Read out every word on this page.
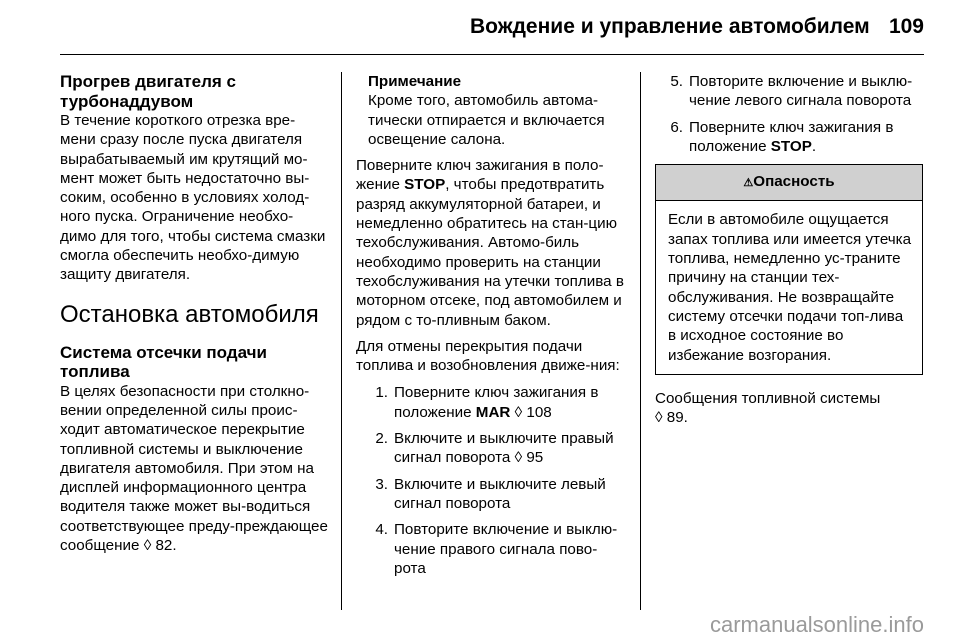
Вождение и управление автомобилем 109
Прогрев двигателя с турбонаддувом

В течение короткого отрезка вре-мени сразу после пуска двигателя вырабатываемый им крутящий мо-мент может быть недостаточно вы-соким, особенно в условиях холод-ного пуска. Ограничение необхо-димо для того, чтобы система смазки смогла обеспечить необхо-димую защиту двигателя.

Остановка автомобиля
Система отсечки подачи топлива

В целях безопасности при столкно-вении определенной силы проис-ходит автоматическое перекрытие топливной системы и выключение двигателя автомобиля. При этом на дисплей информационного центра водителя также может вы-водиться соответствующее преду-преждающее сообщение ◊ 82.

Примечание
Кроме того, автомобиль автома-тически отпирается и включается освещение салона.

Поверните ключ зажигания в поло-жение STOP, чтобы предотвратить разряд аккумуляторной батареи, и немедленно обратитесь на стан-цию техобслуживания. Автомо-биль необходимо проверить на станции техобслуживания на утечки топлива в моторном отсеке, под автомобилем и рядом с то-пливным баком.

Для отмены перекрытия подачи топлива и возобновления движе-ния:

1. Поверните ключ зажигания в положение MAR ◊ 108
2. Включите и выключите правый сигнал поворота ◊ 95
3. Включите и выключите левый сигнал поворота
4. Повторите включение и выклю-чение правого сигнала пово-рота
5. Повторите включение и выклю-чение левого сигнала поворота
6. Поверните ключ зажигания в положение STOP.
⚠Опасность
Если в автомобиле ощущается запах топлива или имеется утечка топлива, немедленно ус-траните причину на станции тех-обслуживания. Не возвращайте систему отсечки подачи топ-лива в исходное состояние во избежание возгорания.

Сообщения топливной системы
◊ 89.

carmanualsonline.info
